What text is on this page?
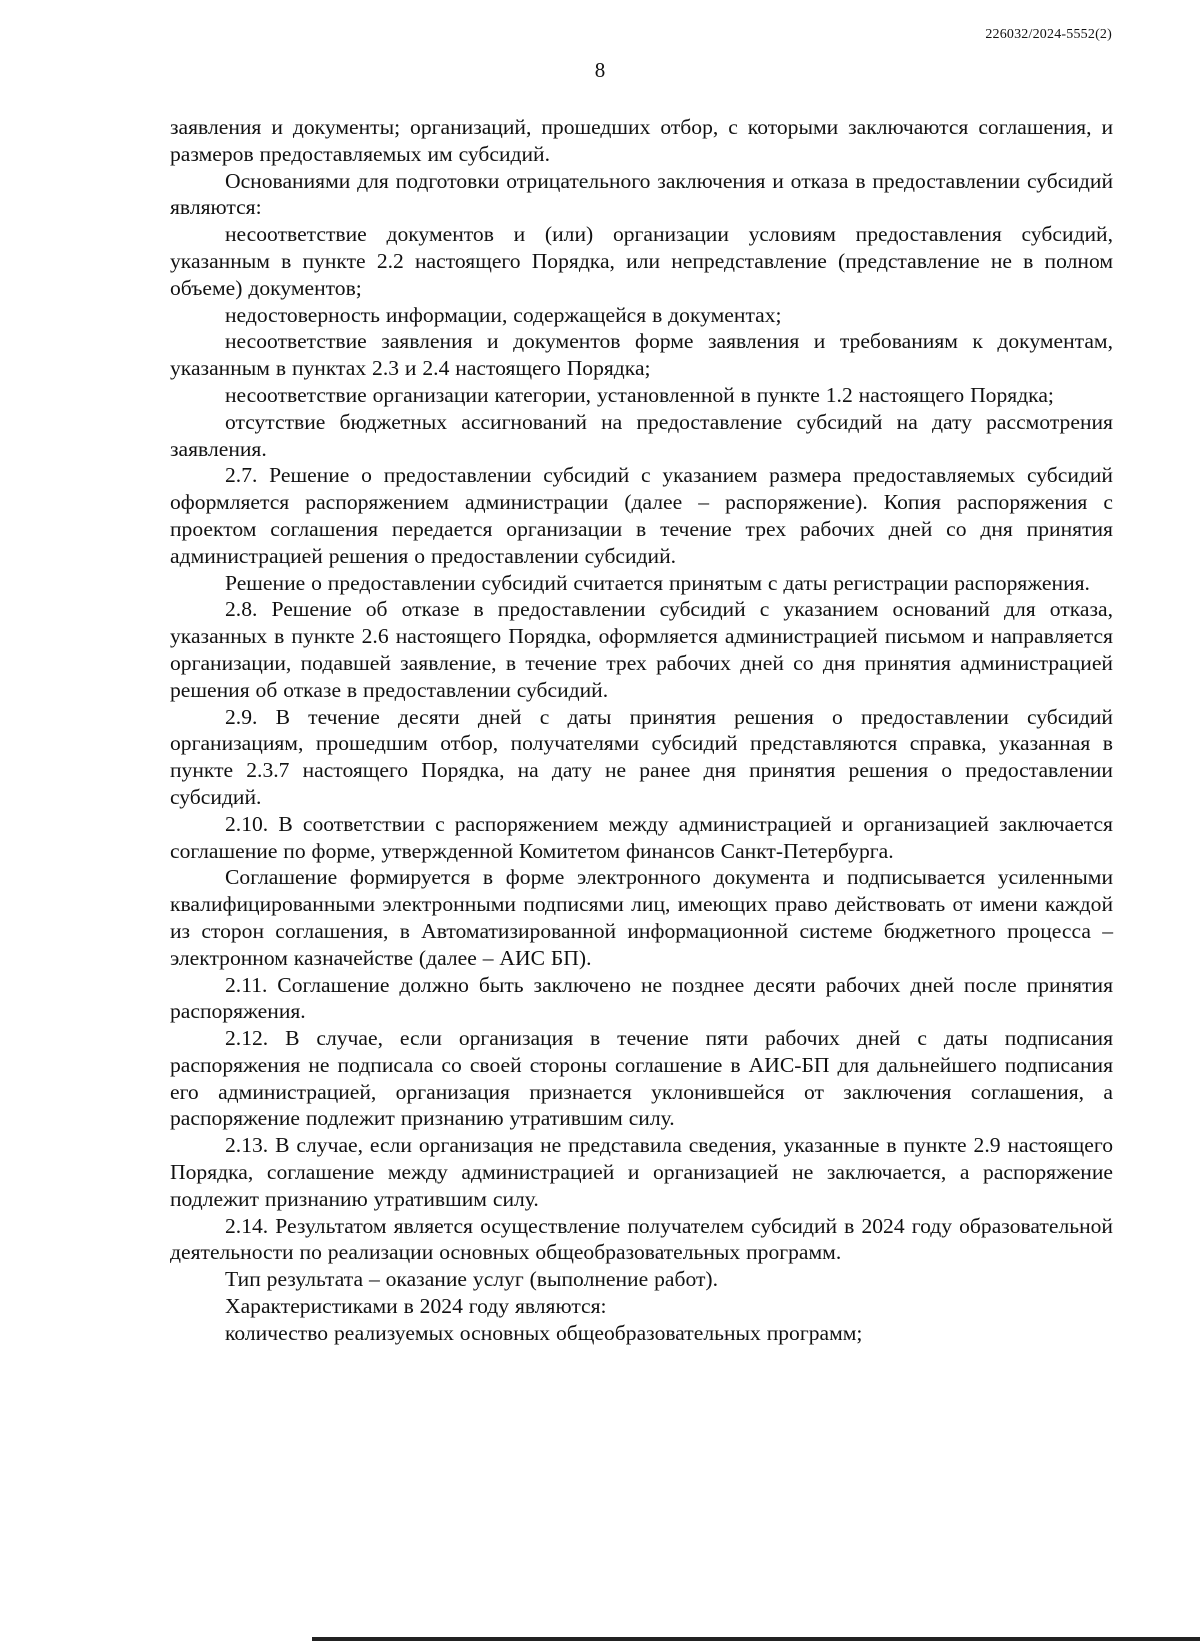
226032/2024-5552(2)
8

заявления и документы; организаций, прошедших отбор, с которыми заключаются соглашения, и размеров предоставляемых им субсидий.

Основаниями для подготовки отрицательного заключения и отказа в предоставлении субсидий являются:

несоответствие документов и (или) организации условиям предоставления субсидий, указанным в пункте 2.2 настоящего Порядка, или непредставление (представление не в полном объеме) документов;

недостоверность информации, содержащейся в документах;

несоответствие заявления и документов форме заявления и требованиям к документам, указанным в пунктах 2.3 и 2.4 настоящего Порядка;

несоответствие организации категории, установленной в пункте 1.2 настоящего Порядка;

отсутствие бюджетных ассигнований на предоставление субсидий на дату рассмотрения заявления.

2.7. Решение о предоставлении субсидий с указанием размера предоставляемых субсидий оформляется распоряжением администрации (далее – распоряжение). Копия распоряжения с проектом соглашения передается организации в течение трех рабочих дней со дня принятия администрацией решения о предоставлении субсидий.

Решение о предоставлении субсидий считается принятым с даты регистрации распоряжения.

2.8. Решение об отказе в предоставлении субсидий с указанием оснований для отказа, указанных в пункте 2.6 настоящего Порядка, оформляется администрацией письмом и направляется организации, подавшей заявление, в течение трех рабочих дней со дня принятия администрацией решения об отказе в предоставлении субсидий.

2.9. В течение десяти дней с даты принятия решения о предоставлении субсидий организациям, прошедшим отбор, получателями субсидий представляются справка, указанная в пункте 2.3.7 настоящего Порядка, на дату не ранее дня принятия решения о предоставлении субсидий.

2.10. В соответствии с распоряжением между администрацией и организацией заключается соглашение по форме, утвержденной Комитетом финансов Санкт-Петербурга.

Соглашение формируется в форме электронного документа и подписывается усиленными квалифицированными электронными подписями лиц, имеющих право действовать от имени каждой из сторон соглашения, в Автоматизированной информационной системе бюджетного процесса – электронном казначействе (далее – АИС БП).

2.11. Соглашение должно быть заключено не позднее десяти рабочих дней после принятия распоряжения.

2.12. В случае, если организация в течение пяти рабочих дней с даты подписания распоряжения не подписала со своей стороны соглашение в АИС-БП для дальнейшего подписания его администрацией, организация признается уклонившейся от заключения соглашения, а распоряжение подлежит признанию утратившим силу.

2.13. В случае, если организация не представила сведения, указанные в пункте 2.9 настоящего Порядка, соглашение между администрацией и организацией не заключается, а распоряжение подлежит признанию утратившим силу.

2.14. Результатом является осуществление получателем субсидий в 2024 году образовательной деятельности по реализации основных общеобразовательных программ.

Тип результата – оказание услуг (выполнение работ).

Характеристиками в 2024 году являются:

количество реализуемых основных общеобразовательных программ;
